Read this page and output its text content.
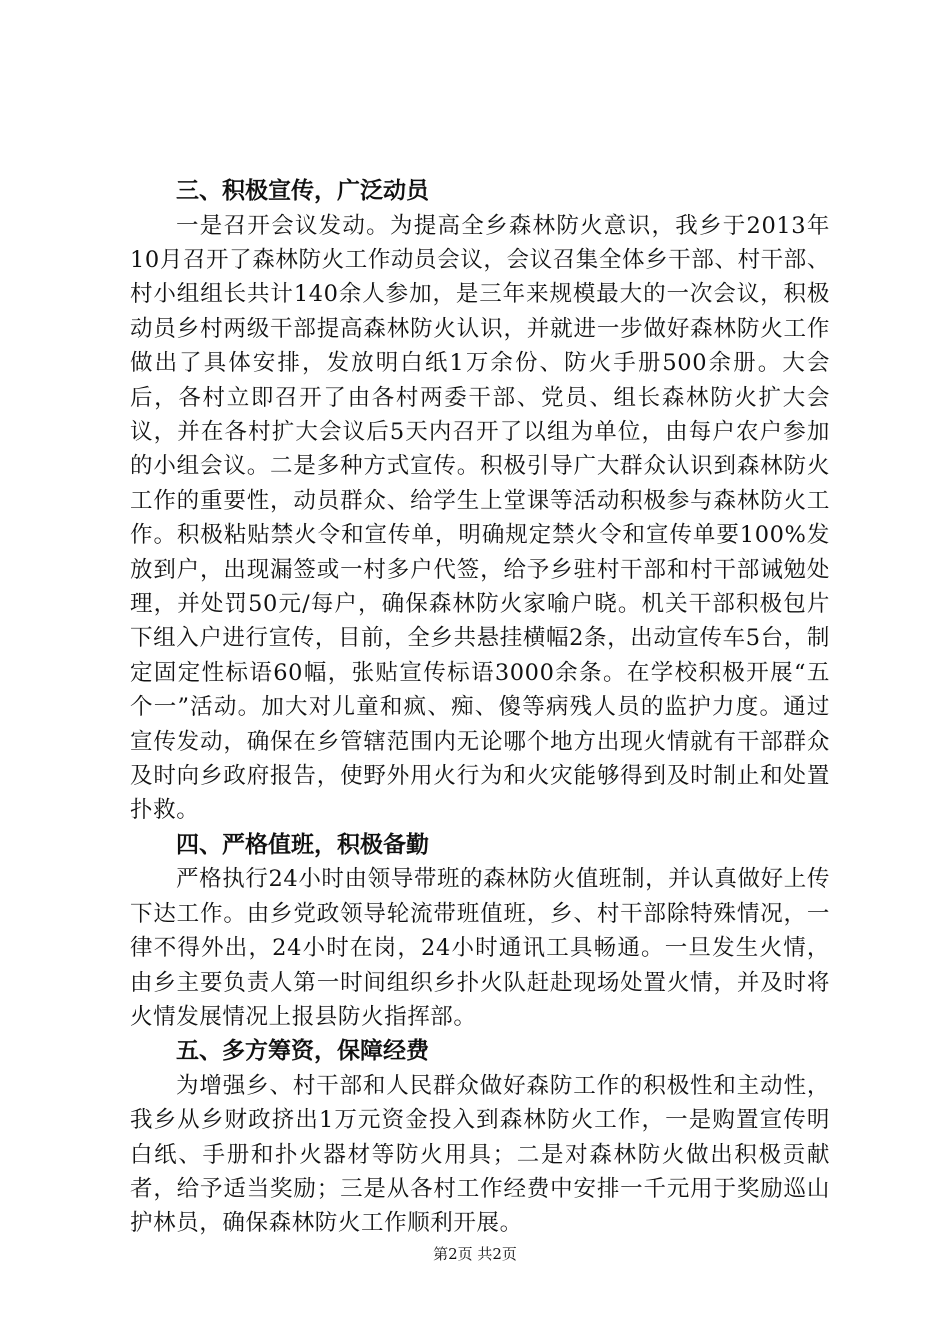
三、积极宣传，广泛动员
一是召开会议发动。为提高全乡森林防火意识，我乡于2013年10月召开了森林防火工作动员会议，会议召集全体乡干部、村干部、村小组组长共计140余人参加，是三年来规模最大的一次会议，积极动员乡村两级干部提高森林防火认识，并就进一步做好森林防火工作做出了具体安排，发放明白纸1万余份、防火手册500余册。大会后，各村立即召开了由各村两委干部、党员、组长森林防火扩大会议，并在各村扩大会议后5天内召开了以组为单位，由每户农户参加的小组会议。二是多种方式宣传。积极引导广大群众认识到森林防火工作的重要性，动员群众、给学生上堂课等活动积极参与森林防火工作。积极粘贴禁火令和宣传单，明确规定禁火令和宣传单要100%发放到户，出现漏签或一村多户代签，给予乡驻村干部和村干部诫勉处理，并处罚50元/每户，确保森林防火家喻户晓。机关干部积极包片下组入户进行宣传，目前，全乡共悬挂横幅2条，出动宣传车5台，制定固定性标语60幅，张贴宣传标语3000余条。在学校积极开展“五个一”活动。加大对儿童和疯、痴、傻等病残人员的监护力度。通过宣传发动，确保在乡管辖范围内无论哪个地方出现火情就有干部群众及时向乡政府报告，使野外用火行为和火灾能够得到及时制止和处置扑救。
四、严格值班，积极备勤
严格执行24小时由领导带班的森林防火值班制，并认真做好上传下达工作。由乡党政领导轮流带班值班，乡、村干部除特殊情况，一律不得外出，24小时在岗，24小时通讯工具畅通。一旦发生火情，由乡主要负责人第一时间组织乡扑火队赶赴现场处置火情，并及时将火情发展情况上报县防火指挥部。
五、多方筹资，保障经费
为增强乡、村干部和人民群众做好森防工作的积极性和主动性，我乡从乡财政挤出1万元资金投入到森林防火工作，一是购置宣传明白纸、手册和扑火器材等防火用具；二是对森林防火做出积极贡献者，给予适当奖励；三是从各村工作经费中安排一千元用于奖励巡山护林员，确保森林防火工作顺利开展。
第2页 共2页
